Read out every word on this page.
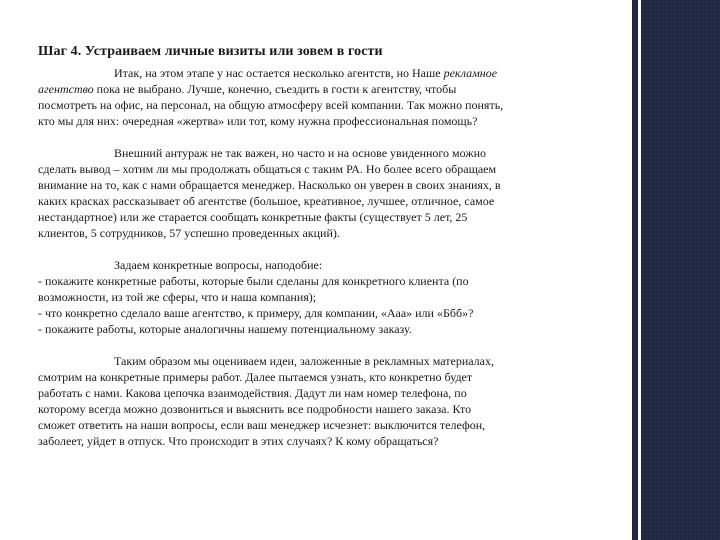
Шаг 4. Устраиваем личные визиты или зовем в гости
Итак, на этом этапе у нас остается несколько агентств, но Наше рекламное
агентство пока не выбрано. Лучше, конечно, съездить в гости к агентству, чтобы
посмотреть на офис, на персонал, на общую атмосферу всей компании. Так можно понять,
кто мы для них: очередная «жертва» или тот, кому нужна профессиональная помощь?
Внешний антураж не так важен, но часто и на основе увиденного можно
сделать вывод – хотим ли мы продолжать общаться с таким РА. Но более всего обращаем
внимание на то, как с нами обращается менеджер. Насколько он уверен в своих знаниях, в
каких красках рассказывает об агентстве (большое, креативное, лучшее, отличное, самое
нестандартное) или же старается сообщать конкретные факты (существует 5 лет, 25
клиентов, 5 сотрудников, 57 успешно проведенных акций).
Задаем конкретные вопросы, наподобие:
- покажите конкретные работы, которые были сделаны для конкретного клиента (по
возможности, из той же сферы, что и наша компания);
- что конкретно сделало ваше агентство, к примеру, для компании, «Ааа» или «Ббб»?
- покажите работы, которые аналогичны нашему потенциальному заказу.
Таким образом мы оцениваем идеи, заложенные в рекламных материалах,
смотрим на конкретные примеры работ. Далее пытаемся узнать, кто конкретно будет
работать с нами. Какова цепочка взаимодействия. Дадут ли нам номер телефона, по
которому всегда можно дозвониться и выяснить все подробности нашего заказа. Кто
сможет ответить на наши вопросы, если ваш менеджер исчезнет: выключится телефон,
заболеет, уйдет в отпуск. Что происходит в этих случаях? К кому обращаться?
